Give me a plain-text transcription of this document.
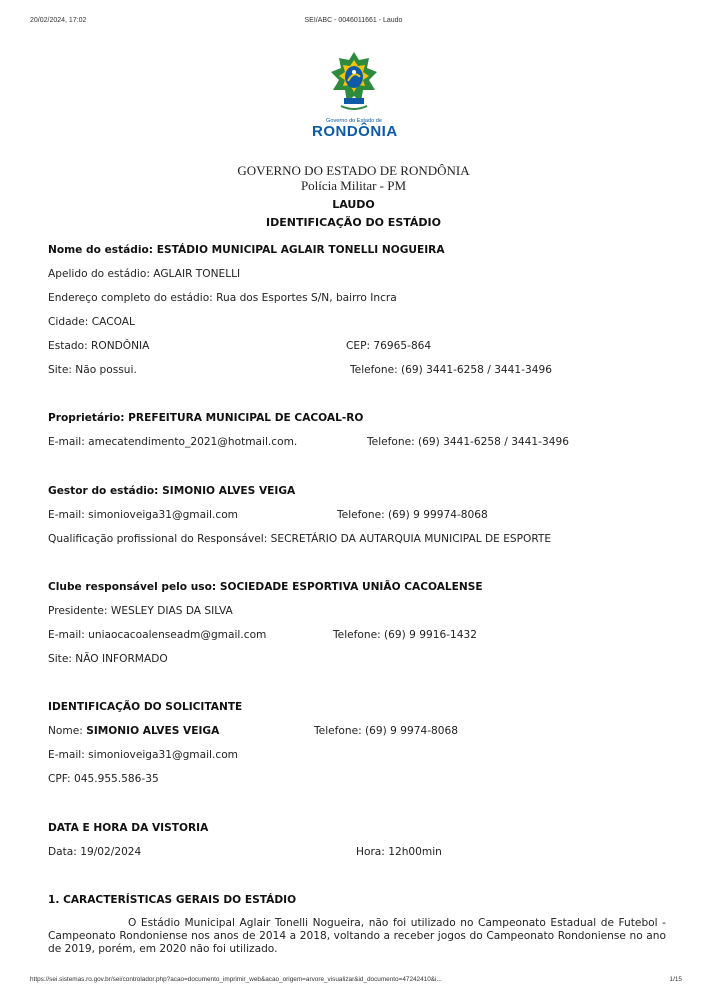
20/02/2024, 17:02	SEI/ABC - 0046011661 - Laudo
Governo do Estado de
RONDÔNIA
GOVERNO DO ESTADO DE RONDÔNIA
Polícia Militar - PM
LAUDO
IDENTIFICAÇÃO DO ESTÁDIO
Nome do estádio: ESTÁDIO MUNICIPAL AGLAIR TONELLI NOGUEIRA
Apelido do estádio: AGLAIR TONELLI
Endereço completo do estádio: Rua dos Esportes S/N, bairro Incra
Cidade: CACOAL
Estado: RONDÔNIA	CEP: 76965-864
Site: Não possui.	Telefone: (69) 3441-6258 / 3441-3496
Proprietário: PREFEITURA MUNICIPAL DE CACOAL-RO
E-mail: amecatendimento_2021@hotmail.com.	Telefone: (69) 3441-6258 / 3441-3496
Gestor do estádio: SIMONIO ALVES VEIGA
E-mail: simonioveiga31@gmail.com	Telefone: (69) 9 99974-8068
Qualificação profissional do Responsável: SECRETÁRIO DA AUTARQUIA MUNICIPAL DE ESPORTE
Clube responsável pelo uso: SOCIEDADE ESPORTIVA UNIÃO CACOALENSE
Presidente: WESLEY DIAS DA SILVA
E-mail: uniaocacoalenseadm@gmail.com	Telefone: (69) 9 9916-1432
Site: NÃO INFORMADO
IDENTIFICAÇÃO DO SOLICITANTE
Nome: SIMONIO ALVES VEIGA	Telefone: (69) 9 9974-8068
E-mail: simonioveiga31@gmail.com
CPF: 045.955.586-35
DATA E HORA DA VISTORIA
Data: 19/02/2024	Hora: 12h00min
1. CARACTERÍSTICAS GERAIS DO ESTÁDIO
O Estádio Municipal Aglair Tonelli Nogueira, não foi utilizado no Campeonato Estadual de Futebol - Campeonato Rondoniense nos anos de 2014 a 2018, voltando a receber jogos do Campeonato Rondoniense no ano de 2019, porém, em 2020 não foi utilizado.
https://sei.sistemas.ro.gov.br/sei/controlador.php?acao=documento_imprimir_web&acao_origem=arvore_visualizar&id_documento=47242410&i...	1/15
